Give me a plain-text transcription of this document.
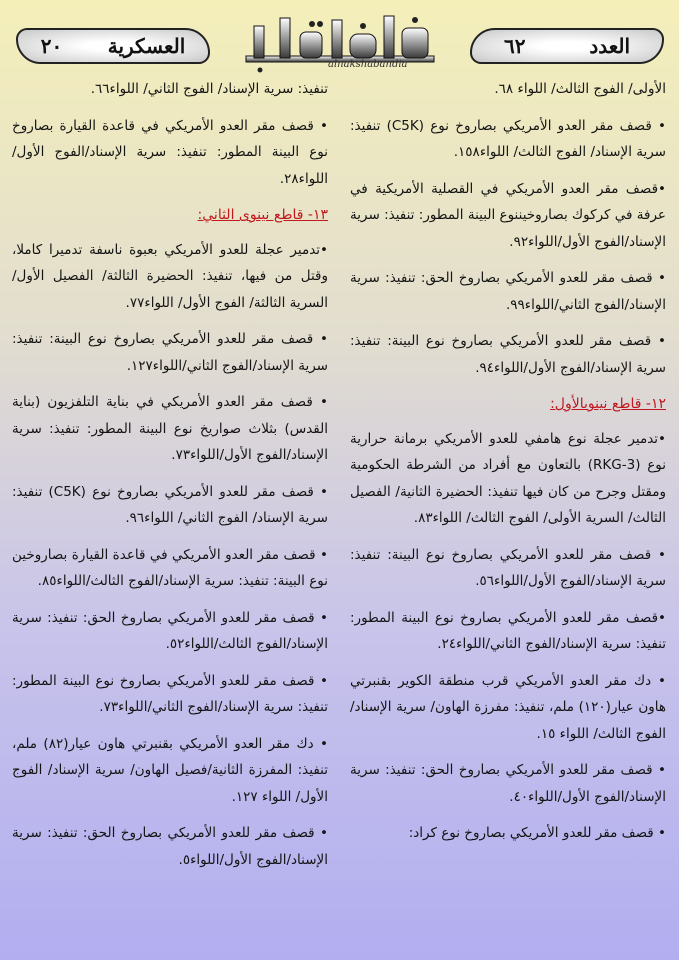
العسكرية
٢٠
alnakshabandia
العدد
٦٢

الأولى/ الفوج الثالث/ اللواء ٦٨.

• قصف مقر العدو الأمريكي بصاروخ نوع (C5K) تنفيذ: سرية الإسناد/ الفوج الثالث/ اللواء١٥٨.

•قصف مقر العدو الأمريكي في القصلية الأمريكية في عرفة في كركوك بصاروخيننوع البينة المطور: تنفيذ: سرية الإسناد/الفوج الأول/اللواء٩٢.

• قصف مقر للعدو الأمريكي بصاروخ الحق: تنفيذ: سرية الإسناد/الفوج الثاني/اللواء٩٩.

• قصف مقر للعدو الأمريكي بصاروخ نوع البينة: تنفيذ: سرية الإسناد/الفوج الأول/اللواء٩٤.

١٢- قاطع نينوىالأول:

•تدمير عجلة نوع هامفي للعدو الأمريكي برمانة حرارية نوع (RKG-3) بالتعاون مع أفراد من الشرطة الحكومية ومقتل وجرح من كان فيها تنفيذ: الحضيرة الثانية/ الفصيل الثالث/ السرية الأولى/ الفوج الثالث/ اللواء٨٣.

• قصف مقر للعدو الأمريكي بصاروخ نوع البينة: تنفيذ: سرية الإسناد/الفوج الأول/اللواء٥٦.

•قصف مقر للعدو الأمريكي بصاروخ نوع البينة المطور: تنفيذ: سرية الإسناد/الفوج الثاني/اللواء٢٤.

• دك مقر العدو الأمريكي قرب منطقة الكوير بقنبرتي هاون عيار(١٢٠) ملم، تنفيذ: مفرزة الهاون/ سرية الإسناد/ الفوج الثالث/ اللواء ١٥.

• قصف مقر للعدو الأمريكي بصاروخ الحق: تنفيذ: سرية الإسناد/الفوج الأول/اللواء٤٠.

• قصف مقر للعدو الأمريكي بصاروخ نوع كراد:

تنفيذ: سرية الإسناد/ الفوج الثاني/ اللواء٦٦.

• قصف مقر العدو الأمريكي في قاعدة القيارة بصاروخ نوع البينة المطور: تنفيذ: سرية الإسناد/الفوج الأول/ اللواء٢٨.

١٣- قاطع نينوى الثاني:

•تدمير عجلة للعدو الأمريكي بعبوة ناسفة تدميرا كاملا، وقتل من فيها، تنفيذ: الحضيرة الثالثة/ الفصيل الأول/ السرية الثالثة/ الفوج الأول/ اللواء٧٧.

• قصف مقر للعدو الأمريكي بصاروخ نوع البينة: تنفيذ: سرية الإسناد/الفوج الثاني/اللواء١٢٧.

• قصف مقر العدو الأمريكي في بناية التلفزيون (بناية القدس) بثلاث صواريخ نوع البينة المطور: تنفيذ: سرية الإسناد/الفوج الأول/اللواء٧٣.

• قصف مقر للعدو الأمريكي بصاروخ نوع (C5K) تنفيذ: سرية الإسناد/ الفوج الثاني/ اللواء٩٦.

• قصف مقر العدو الأمريكي في قاعدة القيارة بصاروخين نوع البينة: تنفيذ: سرية الإسناد/الفوج الثالث/اللواء٨٥.

• قصف مقر للعدو الأمريكي بصاروخ الحق: تنفيذ: سرية الإسناد/الفوج الثالث/اللواء٥٢.

• قصف مقر للعدو الأمريكي بصاروخ نوع البينة المطور: تنفيذ: سرية الإسناد/الفوج الثاني/اللواء٧٣.

• دك مقر العدو الأمريكي بقنبرتي هاون عيار(٨٢) ملم، تنفيذ: المفرزة الثانية/فصيل الهاون/ سرية الإسناد/ الفوج الأول/ اللواء ١٢٧.

• قصف مقر للعدو الأمريكي بصاروخ الحق: تنفيذ: سرية الإسناد/الفوج الأول/اللواء٥.
